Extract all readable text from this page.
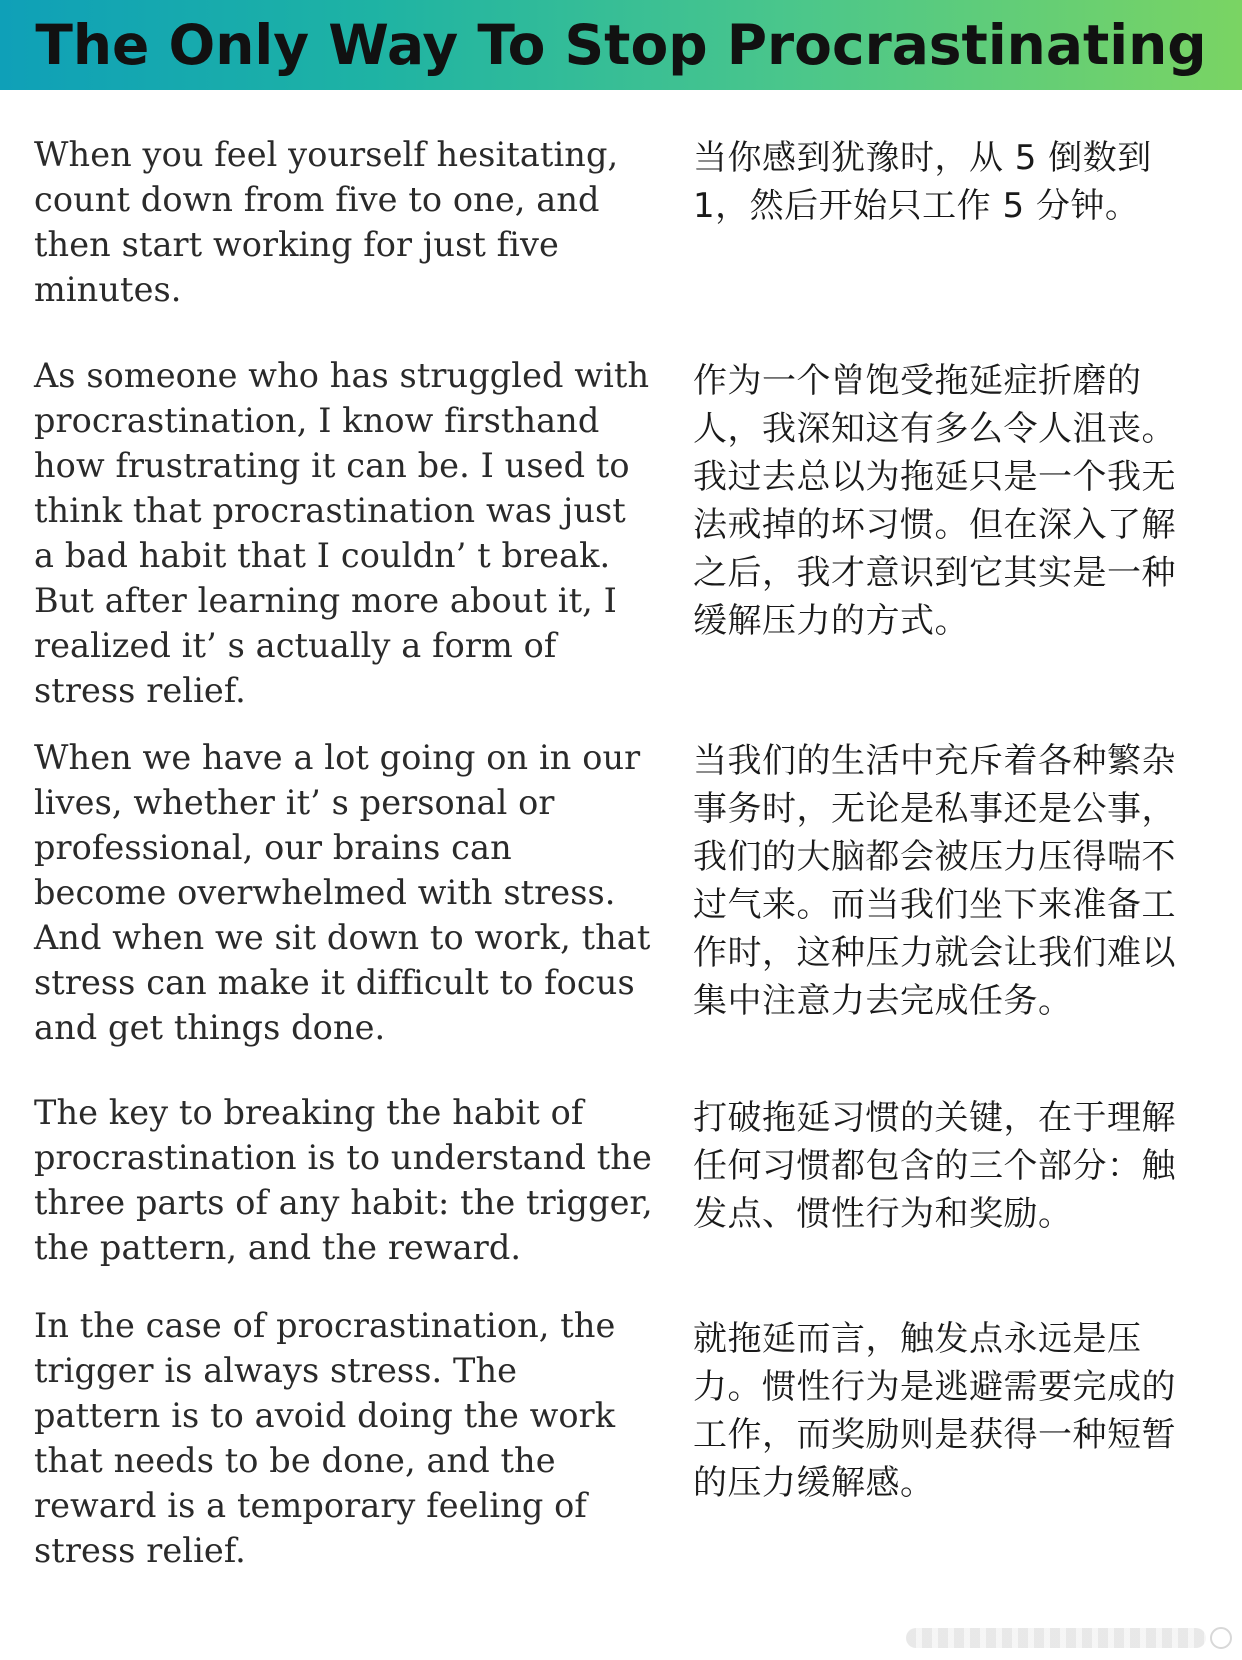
The Only Way To Stop Procrastinating

When you feel yourself hesitating, count down from five to one, and then start working for just five minutes.

当你感到犹豫时，从 5 倒数到 1，然后开始只工作 5 分钟。

As someone who has struggled with procrastination, I know firsthand how frustrating it can be. I used to think that procrastination was just a bad habit that I couldn’ t break. But after learning more about it, I realized it’ s actually a form of stress relief.

作为一个曾饱受拖延症折磨的人，我深知这有多么令人沮丧。我过去总以为拖延只是一个我无法戒掉的坏习惯。但在深入了解之后，我才意识到它其实是一种缓解压力的方式。

When we have a lot going on in our lives, whether it’ s personal or professional, our brains can become overwhelmed with stress. And when we sit down to work, that stress can make it difficult to focus and get things done.

当我们的生活中充斥着各种繁杂事务时，无论是私事还是公事，我们的大脑都会被压力压得喘不过气来。而当我们坐下来准备工作时，这种压力就会让我们难以集中注意力去完成任务。

The key to breaking the habit of procrastination is to understand the three parts of any habit: the trigger, the pattern, and the reward.

打破拖延习惯的关键，在于理解任何习惯都包含的三个部分：触发点、惯性行为和奖励。

In the case of procrastination, the trigger is always stress. The pattern is to avoid doing the work that needs to be done, and the reward is a temporary feeling of stress relief.

就拖延而言，触发点永远是压力。惯性行为是逃避需要完成的工作，而奖励则是获得一种短暂的压力缓解感。
